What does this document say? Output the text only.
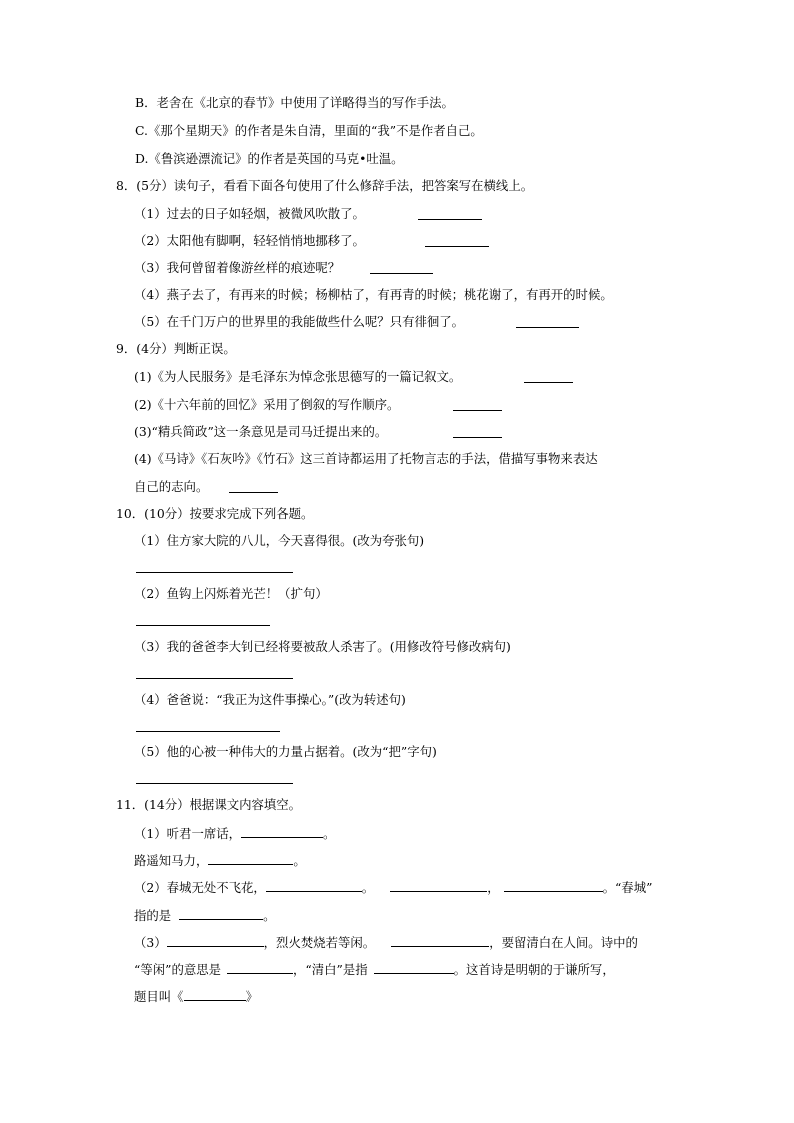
B．老舍在《北京的春节》中使用了详略得当的写作手法。
C.《那个星期天》的作者是朱自清，里面的“我”不是作者自己。
D.《鲁滨逊漂流记》的作者是英国的马克•吐温。
8．(5分）读句子，看看下面各句使用了什么修辞手法，把答案写在横线上。
（1）过去的日子如轻烟，被微风吹散了。
（2）太阳他有脚啊，轻轻悄悄地挪移了。
（3）我何曾留着像游丝样的痕迹呢？
（4）燕子去了，有再来的时候；杨柳枯了，有再青的时候；桃花谢了，有再开的时候。
（5）在千门万户的世界里的我能做些什么呢？只有徘徊了。
9．(4分）判断正误。
(1)《为人民服务》是毛泽东为悼念张思德写的一篇记叙文。
(2)《十六年前的回忆》采用了倒叙的写作顺序。
(3)“精兵简政”这一条意见是司马迁提出来的。
(4)《马诗》《石灰吟》《竹石》这三首诗都运用了托物言志的手法，借描写事物来表达
自己的志向。
10．(10分）按要求完成下列各题。
（1）住方家大院的八儿，今天喜得很。(改为夸张句)
（2）鱼钩上闪烁着光芒！（扩句）
（3）我的爸爸李大钊已经将要被敌人杀害了。(用修改符号修改病句)
（4）爸爸说：“我正为这件事操心。”(改为转述句)
（5）他的心被一种伟大的力量占据着。(改为“把”字句)
11．(14分）根据课文内容填空。
（1）听君一席话，	。
路遥知马力，	。
（2）春城无处不飞花，	。	，	。“春城”
指的是	。
（3）	，烈火焚烧若等闲。	，要留清白在人间。诗中的
“等闲”的意思是	，“清白”是指	。这首诗是明朝的于谦所写，
题目叫《	》
